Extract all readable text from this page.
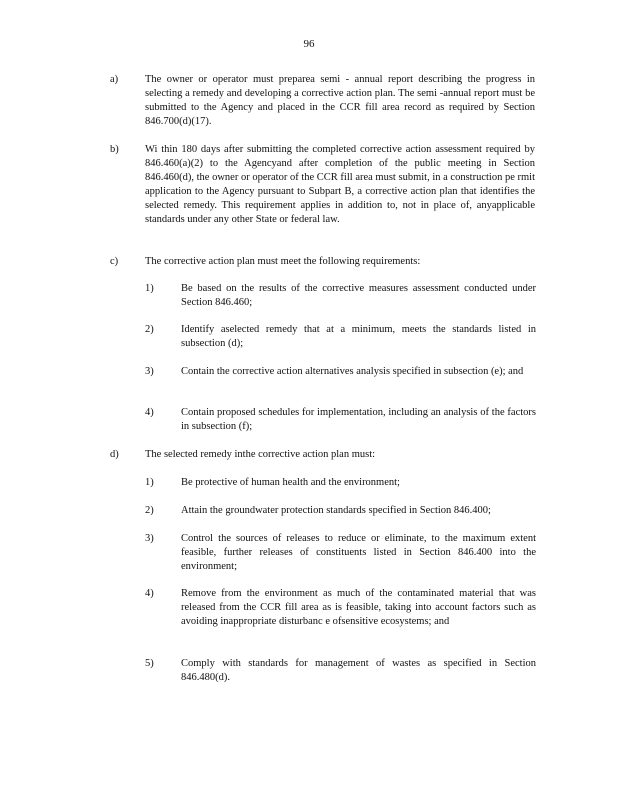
96
a)	The owner or operator must preparea semi - annual report describing the progress in selecting a remedy and developing a corrective action plan. The semi -annual report must be submitted to the Agency and placed in the CCR fill area record as required by Section 846.700(d)(17).
b)	Wi thin 180 days after submitting the completed corrective action assessment required by 846.460(a)(2) to the Agencyand after completion of the public meeting in Section 846.460(d), the owner or operator of the CCR fill area must submit, in a construction pe rmit application to the Agency pursuant to Subpart B, a corrective action plan that identifies the selected remedy. This requirement applies in addition to, not in place of, anyapplicable standards under any other State or federal law.
c)	The corrective action plan must meet the following requirements:
1)	Be based on the results of the corrective measures assessment conducted under Section 846.460;
2)	Identify aselected remedy that at a minimum, meets the standards listed in subsection (d);
3)	Contain the corrective action alternatives analysis specified in subsection (e); and
4)	Contain proposed schedules for implementation, including an analysis of the factors in subsection (f);
d)	The selected remedy inthe corrective action plan must:
1)	Be protective of human health and the environment;
2)	Attain the groundwater protection standards specified in Section 846.400;
3)	Control the sources of releases to reduce or eliminate, to the maximum extent feasible, further releases of constituents listed in Section 846.400 into the environment;
4)	Remove from the environment as much of the contaminated material that was released from the CCR fill area as is feasible, taking into account factors such as avoiding inappropriate disturbanc e ofsensitive ecosystems; and
5)	Comply with standards for management of wastes as specified in Section 846.480(d).
